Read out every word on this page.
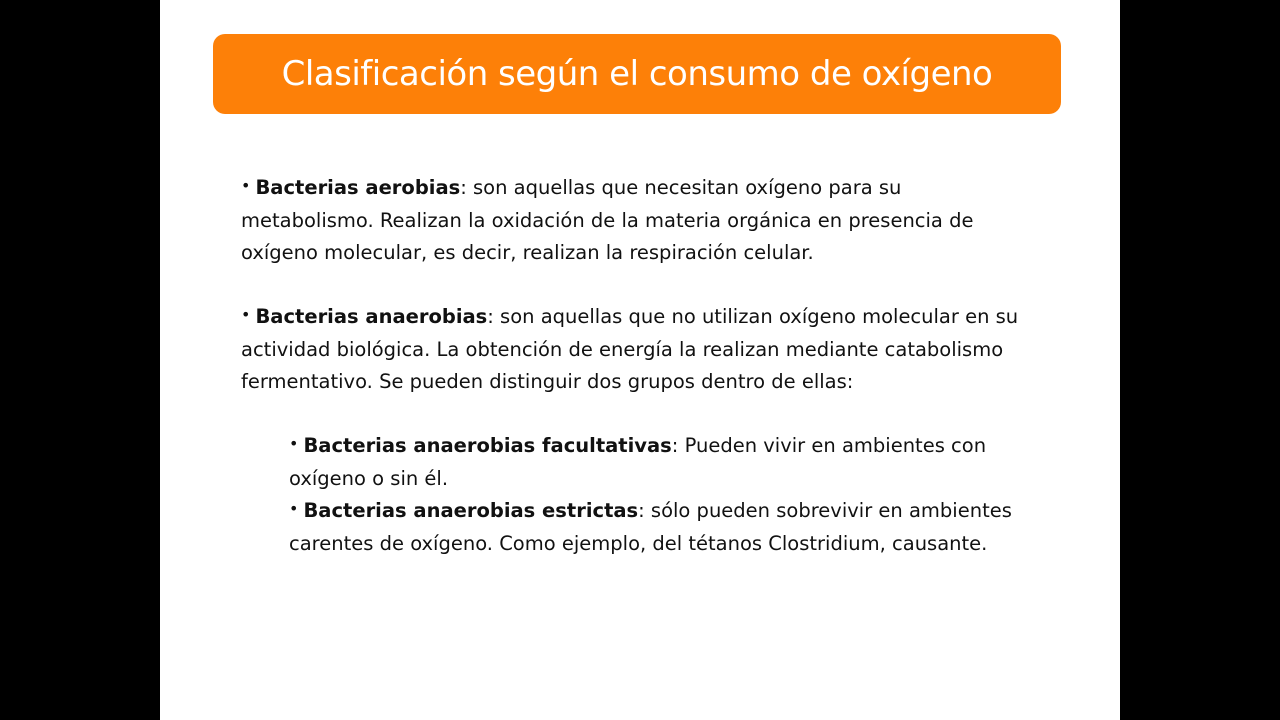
Clasificación según el consumo de oxígeno

• Bacterias aerobias: son aquellas que necesitan oxígeno para su metabolismo. Realizan la oxidación de la materia orgánica en presencia de oxígeno molecular, es decir, realizan la respiración celular.

• Bacterias anaerobias: son aquellas que no utilizan oxígeno molecular en su actividad biológica. La obtención de energía la realizan mediante catabolismo fermentativo. Se pueden distinguir dos grupos dentro de ellas:

• Bacterias anaerobias facultativas: Pueden vivir en ambientes con oxígeno o sin él.

• Bacterias anaerobias estrictas: sólo pueden sobrevivir en ambientes carentes de oxígeno. Como ejemplo, del tétanos Clostridium, causante.
